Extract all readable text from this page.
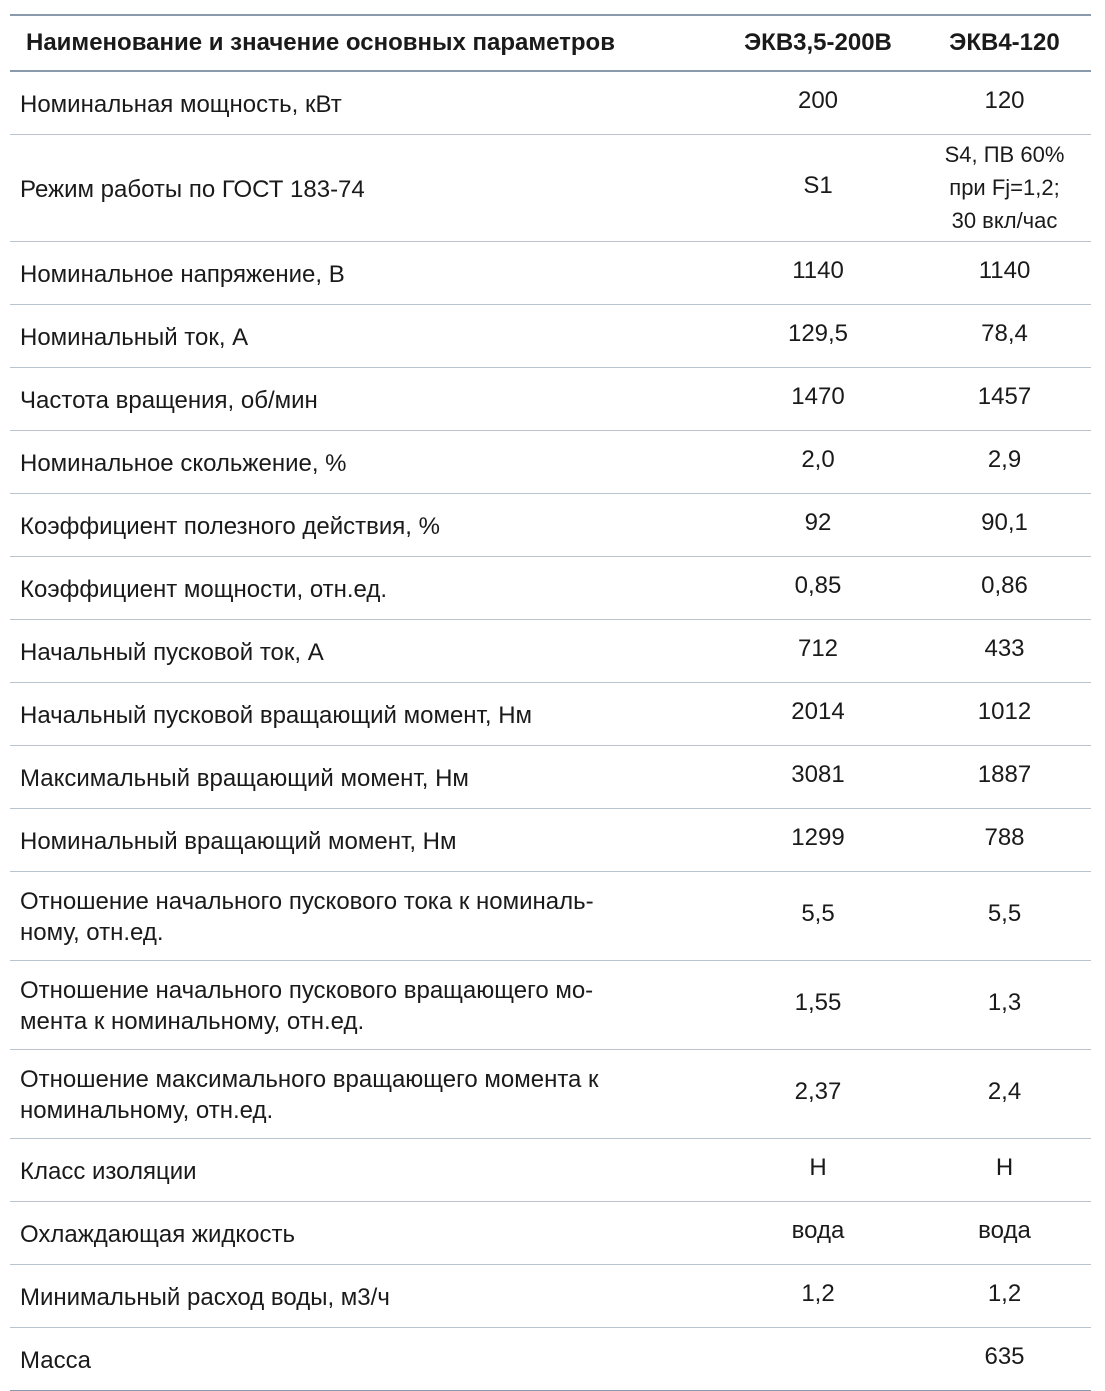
Наименование и значение основных параметров	ЭКВ3,5-200В	ЭКВ4-120
Номинальная мощность, кВт	200	120
Режим работы по ГОСТ 183-74	S1	S4, ПВ 60%
при Fj=1,2;
30 вкл/час
Номинальное напряжение, В	1140	1140
Номинальный ток, А	129,5	78,4
Частота вращения, об/мин	1470	1457
Номинальное скольжение, %	2,0	2,9
Коэффициент полезного действия, %	92	90,1
Коэффициент мощности, отн.ед.	0,85	0,86
Начальный пусковой ток, А	712	433
Начальный пусковой вращающий момент, Нм	2014	1012
Максимальный вращающий момент, Нм	3081	1887
Номинальный вращающий момент, Нм	1299	788
Отношение начального пускового тока к номиналь-
ному, отн.ед.	5,5	5,5
Отношение начального пускового вращающего мо-
мента к номинальному, отн.ед.	1,55	1,3
Отношение максимального вращающего момента к
номинальному, отн.ед.	2,37	2,4
Класс изоляции	Н	Н
Охлаждающая жидкость	вода	вода
Минимальный расход воды, м3/ч	1,2	1,2
Масса		635
